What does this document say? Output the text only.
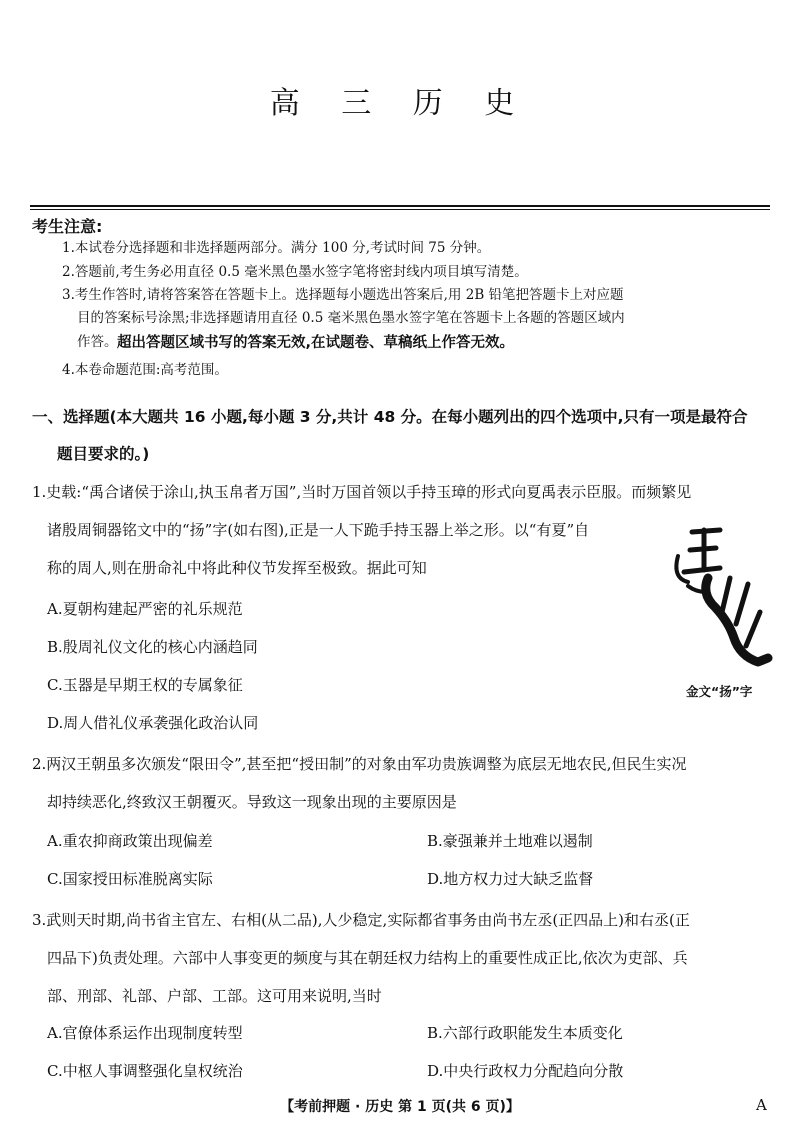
高 三 历 史
考生注意:
1.本试卷分选择题和非选择题两部分。满分 100 分,考试时间 75 分钟。
2.答题前,考生务必用直径 0.5 毫米黑色墨水签字笔将密封线内项目填写清楚。
3.考生作答时,请将答案答在答题卡上。选择题每小题选出答案后,用 2B 铅笔把答题卡上对应题
目的答案标号涂黑;非选择题请用直径 0.5 毫米黑色墨水签字笔在答题卡上各题的答题区域内
作答。 超出答题区域书写的答案无效,在试题卷、草稿纸上作答无效。
4.本卷命题范围:高考范围。
一、选择题(本大题共 16 小题,每小题 3 分,共计 48 分。在每小题列出的四个选项中,只有一项是最符合
题目要求的。)
1.史载:“禹合诸侯于涂山,执玉帛者万国”,当时万国首领以手持玉璋的形式向夏禹表示臣服。而频繁见
诸殷周铜器铭文中的“扬”字(如右图),正是一人下跪手持玉器上举之形。以“有夏”自
称的周人,则在册命礼中将此种仪节发挥至极致。据此可知
A.夏朝构建起严密的礼乐规范
B.殷周礼仪文化的核心内涵趋同
C.玉器是早期王权的专属象征
D.周人借礼仪承袭强化政治认同
金文“扬”字
2.两汉王朝虽多次颁发“限田令”,甚至把“授田制”的对象由军功贵族调整为底层无地农民,但民生实况
却持续恶化,终致汉王朝覆灭。导致这一现象出现的主要原因是
A.重农抑商政策出现偏差	B.豪强兼并土地难以遏制
C.国家授田标准脱离实际	D.地方权力过大缺乏监督
3.武则天时期,尚书省主官左、右相(从二品),人少稳定,实际都省事务由尚书左丞(正四品上)和右丞(正
四品下)负责处理。六部中人事变更的频度与其在朝廷权力结构上的重要性成正比,依次为吏部、兵
部、刑部、礼部、户部、工部。这可用来说明,当时
A.官僚体系运作出现制度转型	B.六部行政职能发生本质变化
C.中枢人事调整强化皇权统治	D.中央行政权力分配趋向分散
【考前押题 · 历史 第 1 页(共 6 页)】	A
